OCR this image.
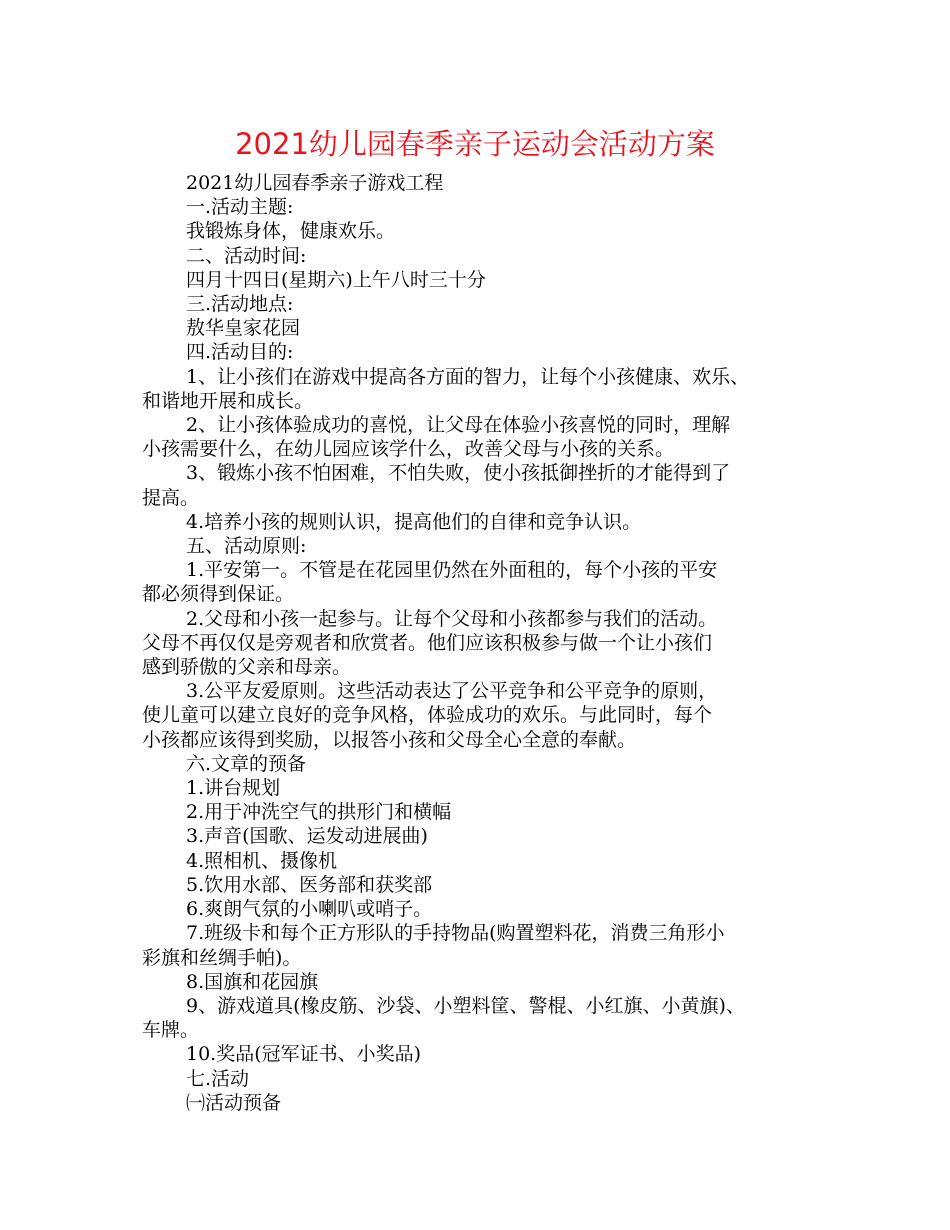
2021幼儿园春季亲子运动会活动方案

2021幼儿园春季亲子游戏工程

一.活动主题:

我锻炼身体，健康欢乐。

二、活动时间:

四月十四日(星期六)上午八时三十分

三.活动地点:

敖华皇家花园

四.活动目的:

1、让小孩们在游戏中提高各方面的智力，让每个小孩健康、欢乐、
和谐地开展和成长。

2、让小孩体验成功的喜悦，让父母在体验小孩喜悦的同时，理解
小孩需要什么，在幼儿园应该学什么，改善父母与小孩的关系。

3、锻炼小孩不怕困难，不怕失败，使小孩抵御挫折的才能得到了
提高。

4.培养小孩的规则认识，提高他们的自律和竞争认识。

五、活动原则:

1.平安第一。不管是在花园里仍然在外面租的，每个小孩的平安
都必须得到保证。

2.父母和小孩一起参与。让每个父母和小孩都参与我们的活动。
父母不再仅仅是旁观者和欣赏者。他们应该积极参与做一个让小孩们
感到骄傲的父亲和母亲。

3.公平友爱原则。这些活动表达了公平竞争和公平竞争的原则，
使儿童可以建立良好的竞争风格，体验成功的欢乐。与此同时，每个
小孩都应该得到奖励，以报答小孩和父母全心全意的奉献。

六.文章的预备

1.讲台规划

2.用于冲洗空气的拱形门和横幅

3.声音(国歌、运发动进展曲)

4.照相机、摄像机

5.饮用水部、医务部和获奖部

6.爽朗气氛的小喇叭或哨子。

7.班级卡和每个正方形队的手持物品(购置塑料花，消费三角形小
彩旗和丝绸手帕)。

8.国旗和花园旗

9、游戏道具(橡皮筋、沙袋、小塑料筐、警棍、小红旗、小黄旗)、
车牌。

10.奖品(冠军证书、小奖品)

七.活动

㈠活动预备
